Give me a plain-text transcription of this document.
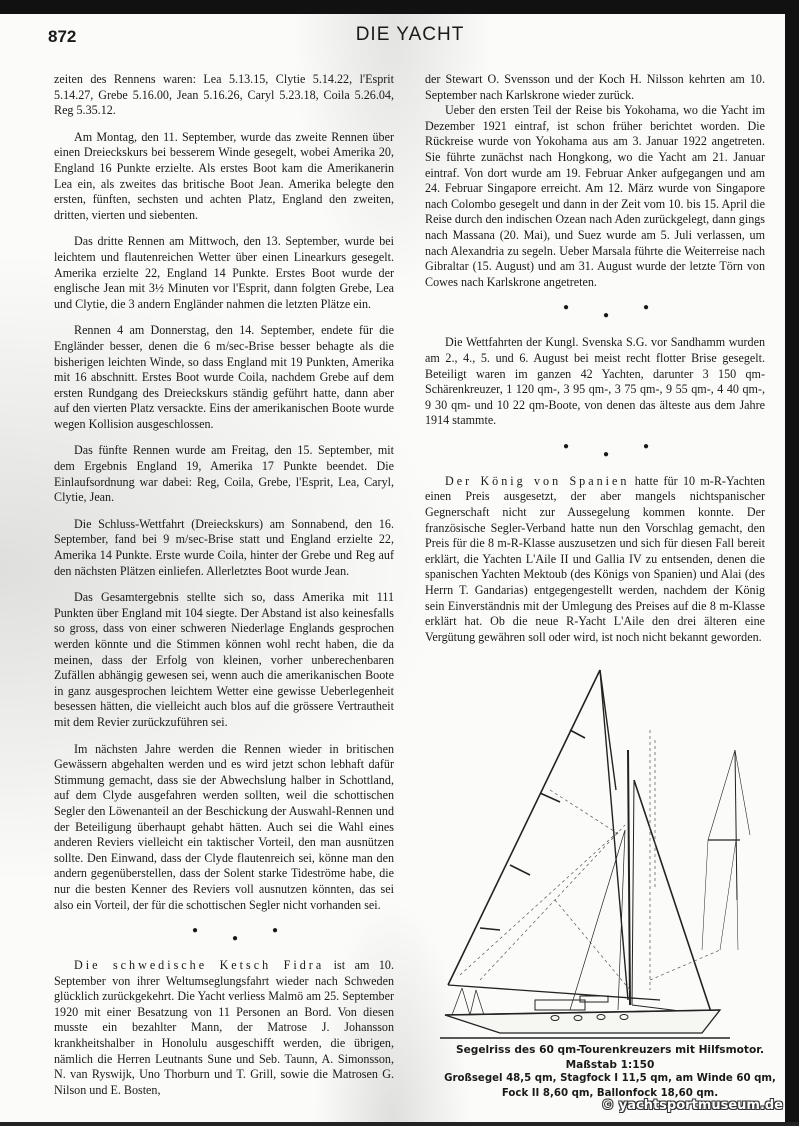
872	DIE YACHT

zeiten des Rennens waren: Lea 5.13.15, Clytie 5.14.22, l'Esprit 5.14.27, Grebe 5.16.00, Jean 5.16.26, Caryl 5.23.18, Coila 5.26.04, Reg 5.35.12.

Am Montag, den 11. September, wurde das zweite Rennen über einen Dreieckskurs bei besserem Winde gesegelt, wobei Amerika 20, England 16 Punkte erzielte. Als erstes Boot kam die Amerikanerin Lea ein, als zweites das britische Boot Jean. Amerika belegte den ersten, fünften, sechsten und achten Platz, England den zweiten, dritten, vierten und siebenten.

Das dritte Rennen am Mittwoch, den 13. September, wurde bei leichtem und flautenreichen Wetter über einen Linearkurs gesegelt. Amerika erzielte 22, England 14 Punkte. Erstes Boot wurde der englische Jean mit 3½ Minuten vor l'Esprit, dann folgten Grebe, Lea und Clytie, die 3 andern Engländer nahmen die letzten Plätze ein.

Rennen 4 am Donnerstag, den 14. September, endete für die Engländer besser, denen die 6 m/sec-Brise besser behagte als die bisherigen leichten Winde, so dass England mit 19 Punkten, Amerika mit 16 abschnitt. Erstes Boot wurde Coila, nachdem Grebe auf dem ersten Rundgang des Dreieckskurs ständig geführt hatte, dann aber auf den vierten Platz versackte. Eins der amerikanischen Boote wurde wegen Kollision ausgeschlossen.

Das fünfte Rennen wurde am Freitag, den 15. September, mit dem Ergebnis England 19, Amerika 17 Punkte beendet. Die Einlaufsordnung war dabei: Reg, Coila, Grebe, l'Esprit, Lea, Caryl, Clytie, Jean.

Die Schluss-Wettfahrt (Dreieckskurs) am Sonnabend, den 16. September, fand bei 9 m/sec-Brise statt und England erzielte 22, Amerika 14 Punkte. Erste wurde Coila, hinter der Grebe und Reg auf den nächsten Plätzen einliefen. Allerletztes Boot wurde Jean.

Das Gesamtergebnis stellte sich so, dass Amerika mit 111 Punkten über England mit 104 siegte. Der Abstand ist also keinesfalls so gross, dass von einer schweren Niederlage Englands gesprochen werden könnte und die Stimmen können wohl recht haben, die da meinen, dass der Erfolg von kleinen, vorher unberechenbaren Zufällen abhängig gewesen sei, wenn auch die amerikanischen Boote in ganz ausgesprochen leichtem Wetter eine gewisse Ueberlegenheit besessen hätten, die vielleicht auch blos auf die grössere Vertrautheit mit dem Revier zurückzuführen sei.

Im nächsten Jahre werden die Rennen wieder in britischen Gewässern abgehalten werden und es wird jetzt schon lebhaft dafür Stimmung gemacht, dass sie der Abwechslung halber in Schottland, auf dem Clyde ausgefahren werden sollten, weil die schottischen Segler den Löwenanteil an der Beschickung der Auswahl-Rennen und der Beteiligung überhaupt gehabt hätten. Auch sei die Wahl eines anderen Reviers vielleicht ein taktischer Vorteil, den man ausnützen sollte. Den Einwand, dass der Clyde flautenreich sei, könne man den andern gegenüberstellen, dass der Solent starke Tideströme habe, die nur die besten Kenner des Reviers voll ausnutzen könnten, das sei also ein Vorteil, der für die schottischen Segler nicht vorhanden sei.

●
●
●

Die schwedische Ketsch Fidra ist am 10. September von ihrer Weltumseglungsfahrt wieder nach Schweden glücklich zurückgekehrt. Die Yacht verliess Malmö am 25. September 1920 mit einer Besatzung von 11 Personen an Bord. Von diesen musste ein bezahlter Mann, der Matrose J. Johansson krankheitshalber in Honolulu ausgeschifft werden, die übrigen, nämlich die Herren Leutnants Sune und Seb. Taunn, A. Simonsson, N. van Ryswijk, Uno Thorburn und T. Grill, sowie die Matrosen G. Nilson und E. Bosten,

der Stewart O. Svensson und der Koch H. Nilsson kehrten am 10. September nach Karlskrone wieder zurück.

Ueber den ersten Teil der Reise bis Yokohama, wo die Yacht im Dezember 1921 eintraf, ist schon früher berichtet worden. Die Rückreise wurde von Yokohama aus am 3. Januar 1922 angetreten. Sie führte zunächst nach Hongkong, wo die Yacht am 21. Januar eintraf. Von dort wurde am 19. Februar Anker aufgegangen und am 24. Februar Singapore erreicht. Am 12. März wurde von Singapore nach Colombo gesegelt und dann in der Zeit vom 10. bis 15. April die Reise durch den indischen Ozean nach Aden zurückgelegt, dann gings nach Massana (20. Mai), und Suez wurde am 5. Juli verlassen, um nach Alexandria zu segeln. Ueber Marsala führte die Weiterreise nach Gibraltar (15. August) und am 31. August wurde der letzte Törn von Cowes nach Karlskrone angetreten.

●
●
●

Die Wettfahrten der Kungl. Svenska S.G. vor Sandhamm wurden am 2., 4., 5. und 6. August bei meist recht flotter Brise gesegelt. Beteiligt waren im ganzen 42 Yachten, darunter 3 150 qm-Schärenkreuzer, 1 120 qm-, 3 95 qm-, 3 75 qm-, 9 55 qm-, 4 40 qm-, 9 30 qm- und 10 22 qm-Boote, von denen das älteste aus dem Jahre 1914 stammte.

●
●
●

Der König von Spanien hatte für 10 m-R-Yachten einen Preis ausgesetzt, der aber mangels nichtspanischer Gegnerschaft nicht zur Aussegelung kommen konnte. Der französische Segler-Verband hatte nun den Vorschlag gemacht, den Preis für die 8 m-R-Klasse auszusetzen und sich für diesen Fall bereit erklärt, die Yachten L'Aile II und Gallia IV zu entsenden, denen die spanischen Yachten Mektoub (des Königs von Spanien) und Alai (des Herrn T. Gandarias) entgegengestellt werden, nachdem der König sein Einverständnis mit der Umlegung des Preises auf die 8 m-Klasse erklärt hat. Ob die neue R-Yacht L'Aile den drei älteren eine Vergütung gewähren soll oder wird, ist noch nicht bekannt geworden.

Segelriss des 60 qm-Tourenkreuzers mit Hilfsmotor. Maßstab 1:150
Großsegel 48,5 qm, Stagfock I 11,5 qm, am Winde 60 qm,
Fock II 8,60 qm, Ballonfock 18,60 qm.
© yachtsportmuseum.de
